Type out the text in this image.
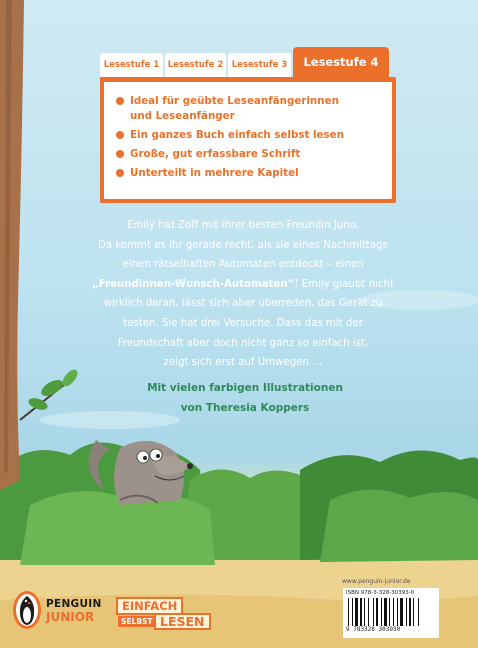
Lesestufe 1 Lesestufe 2 Lesestufe 3	Lesestufe 4
Ideal für geübte Leseanfängerinnen
und Leseanfänger
Ein ganzes Buch einfach selbst lesen
Große, gut erfassbare Schrift
Unterteilt in mehrere Kapitel
Emily hat Zoff mit ihrer besten Freundin Juno.
Da kommt es ihr gerade recht, als sie eines Nachmittags
einen rätselhaften Automaten entdeckt – einen
„Freundinnen-Wunsch-Automaten“! Emily glaubt nicht
wirklich daran, lässt sich aber überreden, das Gerät zu
testen. Sie hat drei Versuche. Dass das mit der
Freundschaft aber doch nicht ganz so einfach ist,
zeigt sich erst auf Umwegen …
Mit vielen farbigen Illustrationen
von Theresia Koppers
PENGUIN
JUNIOR
EINFACH
SELBST LESEN
www.penguin-junior.de
ISBN 978-3-328-30393-0
9 783328 303930
